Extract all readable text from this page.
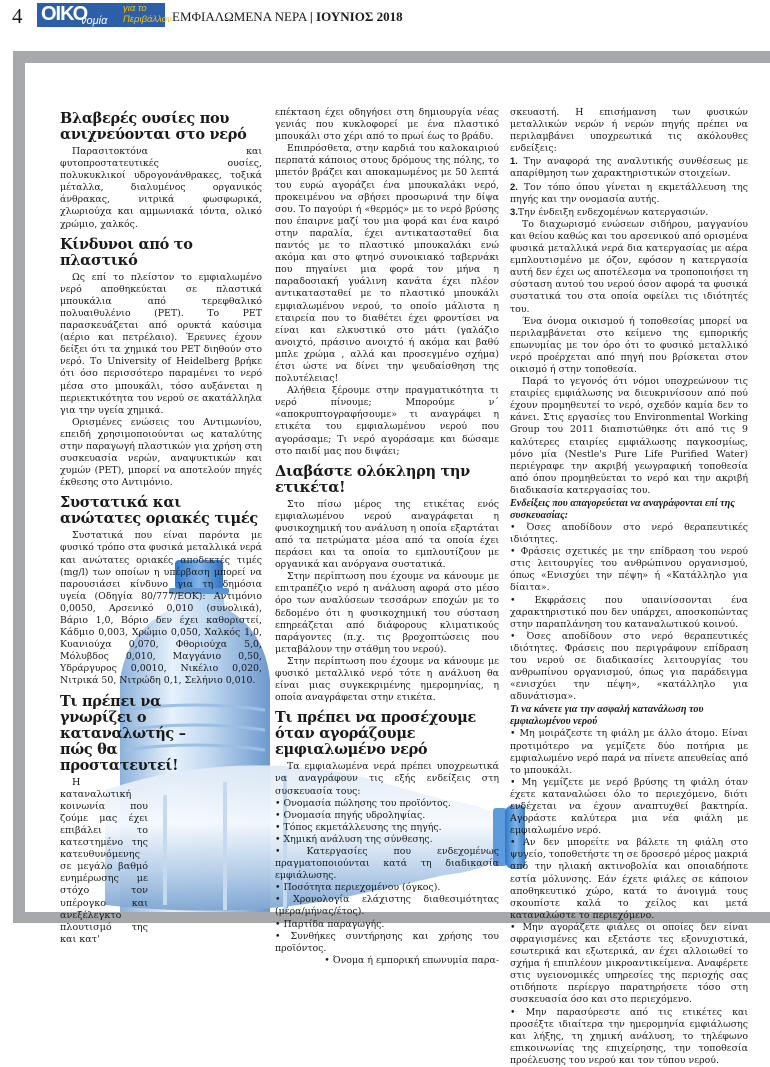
4 ΟΙΚΟ
νομία
για το
Περιβάλλον ΕΜΦΙΑΛΩΜΕΝΑ ΝΕΡΑ | ΙΟΥΝΙΟΣ 2018
Βλαβερές ουσίες που ανιχνεύονται στο νερό

Παρασιτοκτόνα και φυτοπροστατευτικές ουσίες, πολυκυκλικοί υδρογονάνθρακες, τοξικά μέταλλα, διαλυμένος οργανικός άνθρακας, νιτρικά φωσφωρικά, χλωριούχα και αμμωνιακά ιόντα, ολικό χρώμιο, χαλκός.

Κίνδυνοι από το πλαστικό

Ως επί το πλείστον το εμφιαλωμένο νερό αποθηκεύεται σε πλαστικά μπουκάλια από τερεφθαλικό πολυαιθυλένιο (PET). Το PET παρασκευάζεται από ορυκτά καύσιμα (αέριο και πετρέλαιο). Έρευνες έχουν δείξει ότι τα χημικά του PET διηθούν στο νερό. Το University of Heidelberg βρήκε ότι όσο περισσότερο παραμένει το νερό μέσα στο μπουκάλι, τόσο αυξάνεται η περιεκτικότητα του νερού σε ακατάλληλα για την υγεία χημικά.

Ορισμένες ενώσεις του Αντιμωνίου, επειδή χρησιμοποιούνται ως καταλύτης στην παραγωγή πλαστικών για χρήση στη συσκευασία νερών, αναψυκτικών και χυμών (PET), μπορεί να αποτελούν πηγές έκθεσης στο Αντιμόνιο.

Συστατικά και ανώτατες οριακές τιμές

Συστατικά που είναι παρόντα με φυσικό τρόπο στα φυσικά μεταλλικά νερά και ανώτατες οριακές αποδεκτές τιμές (mg/l) των οποίων η υπέρβαση μπορεί να παρουσιάσει κίνδυνο για τη δημόσια υγεία (Οδηγία 80/777/ΕΟΚ): Αντιμόνιο 0,0050, Αρσενικό 0,010 (συνολικά), Βάριο 1,0, Βόριο δεν έχει καθοριστεί, Κάδμιο 0,003, Χρώμιο 0,050, Χαλκός 1,0, Κυανιούχα 0,070, Φθοριούχα 5,0, Μόλυβδος 0,010, Μαγγάνιο 0,50, Υδράργυρος 0,0010, Νικέλιο 0,020, Νιτρικά 50, Νιτρώδη 0,1, Σελήνιο 0,010.

Τι πρέπει να γνωρίζει ο καταναλωτής – πώς θα προστατευτεί!

Η καταναλωτική κοινωνία που ζούμε μας έχει επιβάλει το κατεστημένο της κατευθυνόμενης σε μεγάλο βαθμό ενημέρωσης με στόχο τον υπέρογκο και ανεξέλεγκτο πλουτισμό της και κατ'

επέκταση έχει οδηγήσει στη δημιουργία νέας γενιάς που κυκλοφορεί με ένα πλαστικό μπουκάλι στο χέρι από το πρωί έως το βράδυ.

Επιπρόσθετα, στην καρδιά του καλοκαιριού περπατά κάποιος στους δρόμους της πόλης, το μπετόν βράζει και αποκαμωμένος με 50 λεπτά του ευρώ αγοράζει ένα μπουκαλάκι νερό, προκειμένου να σβήσει προσωρινά την δίψα σου. Το παγούρι ή «θερμός» με το νερό βρύσης που έπαιρνε μαζί του μια φορά και ένα καιρό στην παραλία, έχει αντικατασταθεί δια παντός με το πλαστικό μπουκαλάκι ενώ ακόμα και στο φτηνό συνοικιακό ταβερνάκι που πηγαίνει μια φορά τον μήνα η παραδοσιακή γυάλινη κανάτα έχει πλέον αντικατασταθεί με το πλαστικό μπουκάλι εμφιαλωμένου νερού, το οποίο μάλιστα η εταιρεία που το διαθέτει έχει φροντίσει να είναι και ελκυστικό στο μάτι (γαλάζιο ανοιχτό, πράσινο ανοιχτό ή ακόμα και βαθύ μπλε χρώμα , αλλά και προσεγμένο σχήμα) έτσι ώστε να δίνει την ψευδαίσθηση της πολυτέλειας!

Αλήθεια ξέρουμε στην πραγματικότητα τι νερό πίνουμε; Μπορούμε ν΄ «αποκρυπτογραφήσουμε» τι αναγράφει η ετικέτα του εμφιαλωμένου νερού που αγοράσαμε; Τι νερό αγοράσαμε και δώσαμε στο παιδί μας που διψάει;

Διαβάστε ολόκληρη την ετικέτα!

Στο πίσω μέρος της ετικέτας ενός εμφιαλωμένου νερού αναγράφεται η φυσικοχημική του ανάλυση η οποία εξαρτάται από τα πετρώματα μέσα από τα οποία έχει περάσει και τα οποία το εμπλουτίζουν με οργανικά και ανόργανα συστατικά.

Στην περίπτωση που έχουμε να κάνουμε με επιτραπέζιο νερό η ανάλυση αφορά στο μέσο όρο των αναλύσεων τεσσάρων εποχών με το δεδομένο ότι η φυσικοχημική του σύσταση επηρεάζεται από διάφορους κλιματικούς παράγοντες (π.χ. τις βροχοπτώσεις που μεταβάλουν την στάθμη του νερού).

Στην περίπτωση που έχουμε να κάνουμε με φυσικό μεταλλικό νερό τότε η ανάλυση θα είναι μιας συγκεκριμένης ημερομηνίας, η οποία αναγράφεται στην ετικέτα.

Τι πρέπει να προσέχουμε όταν αγοράζουμε εμφιαλωμένο νερό

Τα εμφιαλωμένα νερά πρέπει υποχρεωτικά να αναγράφουν τις εξής ενδείξεις στη συσκευασία τους:

• Ονομασία πώλησης του προϊόντος.

• Ονομασία πηγής υδροληψίας.

• Τόπος εκμετάλλευσης της πηγής.

• Χημική ανάλυση της σύνθεσης.

• Κατεργασίες που ενδεχομένως πραγματοποιούνται κατά τη διαδικασία εμφιάλωσης.

• Ποσότητα περιεχομένου (όγκος).

• Χρονολογία ελάχιστης διαθεσιμότητας (μέρα/μήνας/έτος).

• Παρτίδα παραγωγής.

• Συνθήκες συντήρησης και χρήσης του προϊόντος.

• Όνομα ή εμπορική επωνυμία παρα-

σκευαστή. Η επισήμανση των φυσικών μεταλλικών νερών ή νερών πηγής πρέπει να περιλαμβάνει υποχρεωτικά τις ακόλουθες ενδείξεις:

1. Την αναφορά της αναλυτικής συνθέσεως με απαρίθμηση των χαρακτηριστικών στοιχείων.

2. Τον τόπο όπου γίνεται η εκμετάλλευση της πηγής και την ονομασία αυτής.

3.Την ένδειξη ενδεχομένων κατεργασιών.

Το διαχωρισμό ενώσεων σιδήρου, μαγγανίου και θείου καθώς και του αρσενικού από ορισμένα φυσικά μεταλλικά νερά δια κατεργασίας με αέρα εμπλουτισμένο με όζον, εφόσον η κατεργασία αυτή δεν έχει ως αποτέλεσμα να τροποποιήσει τη σύσταση αυτού του νερού όσον αφορά τα φυσικά συστατικά του στα οποία οφείλει τις ιδιότητές του.

Ένα όνομα οικισμού ή τοποθεσίας μπορεί να περιλαμβάνεται στο κείμενο της εμπορικής επωνυμίας με τον όρο ότι το φυσικό μεταλλικό νερό προέρχεται από πηγή που βρίσκεται στον οικισμό ή στην τοποθεσία.

Παρά το γεγονός ότι νόμοι υποχρεώνουν τις εταιρίες εμφιάλωσης να διευκρινίσουν από πού έχουν προμηθευτεί το νερό, σχεδόν καμία δεν το κάνει. Στις εργασίες του Environmental Working Group του 2011 διαπιστώθηκε ότι από τις 9 καλύτερες εταιρίες εμφιάλωσης παγκοσμίως, μόνο μία (Nestle's Pure Life Purified Water) περιέγραφε την ακριβή γεωγραφική τοποθεσία από όπου προμηθεύεται το νερό και την ακριβή διαδικασία κατεργασίας του.

Ενδείξεις που απαγορεύεται να αναγράφονται επί της συσκευασίας:

• Όσες αποδίδουν στο νερό θεραπευτικές ιδιότητες.

• Φράσεις σχετικές με την επίδραση του νερού στις λειτουργίες του ανθρώπινου οργανισμού, όπως «Ενισχύει την πέψη» ή «Κατάλληλο για δίαιτα».

• Εκφράσεις που υπαινίσσονται ένα χαρακτηριστικό που δεν υπάρχει, αποσκοπώντας στην παραπλάνηση του καταναλωτικού κοινού.

• Όσες αποδίδουν στο νερό θεραπευτικές ιδιότητες. Φράσεις που περιγράφουν επίδραση του νερού σε διαδικασίες λειτουργίας του ανθρωπίνου οργανισμού, όπως για παράδειγμα «ενισχύει την πέψη», «κατάλληλο για αδυνάτισμα».

Τι να κάνετε για την ασφαλή κατανάλωση του εμφιαλωμένου νερού

• Μη μοιράζεστε τη φιάλη με άλλο άτομο. Είναι προτιμότερο να γεμίζετε δύο ποτήρια με εμφιαλωμένο νερό παρά να πίνετε απευθείας από το μπουκάλι.

• Μη γεμίζετε με νερό βρύσης τη φιάλη όταν έχετε καταναλώσει όλο το περιεχόμενο, διότι ενδέχεται να έχουν αναπτυχθεί βακτηρία. Αγοράστε καλύτερα μια νέα φιάλη με εμφιαλωμένο νερό.

• Αν δεν μπορείτε να βάλετε τη φιάλη στο ψυγείο, τοποθετήστε τη σε δροσερό μέρος μακριά από την ηλιακή ακτινοβολία και οποιαδήποτε εστία μόλυνσης. Εάν έχετε φιάλες σε κάποιον αποθηκευτικό χώρο, κατά το άνοιγμά τους σκουπίστε καλά το χείλος και μετά καταναλώστε το περιεχόμενο.

• Μην αγοράζετε φιάλες οι οποίες δεν είναι σφραγισμένες και εξετάστε τες εξονυχιστικά, εσωτερικά και εξωτερικά, αν έχει αλλοιωθεί το σχήμα ή επιπλέουν μικροαντικείμενα. Αναφέρετε στις υγειονομικές υπηρεσίες της περιοχής σας οτιδήποτε περίεργο παρατηρήσετε τόσο στη συσκευασία όσο και στο περιεχόμενο.

• Μην παρασύρεστε από τις ετικέτες και προσέξτε ιδιαίτερα την ημερομηνία εμφιάλωσης και λήξης, τη χημική ανάλυση, το τηλέφωνο επικοινωνίας της επιχείρησης, την τοποθεσία προέλευσης του νερού και τον τύπου νερού.
